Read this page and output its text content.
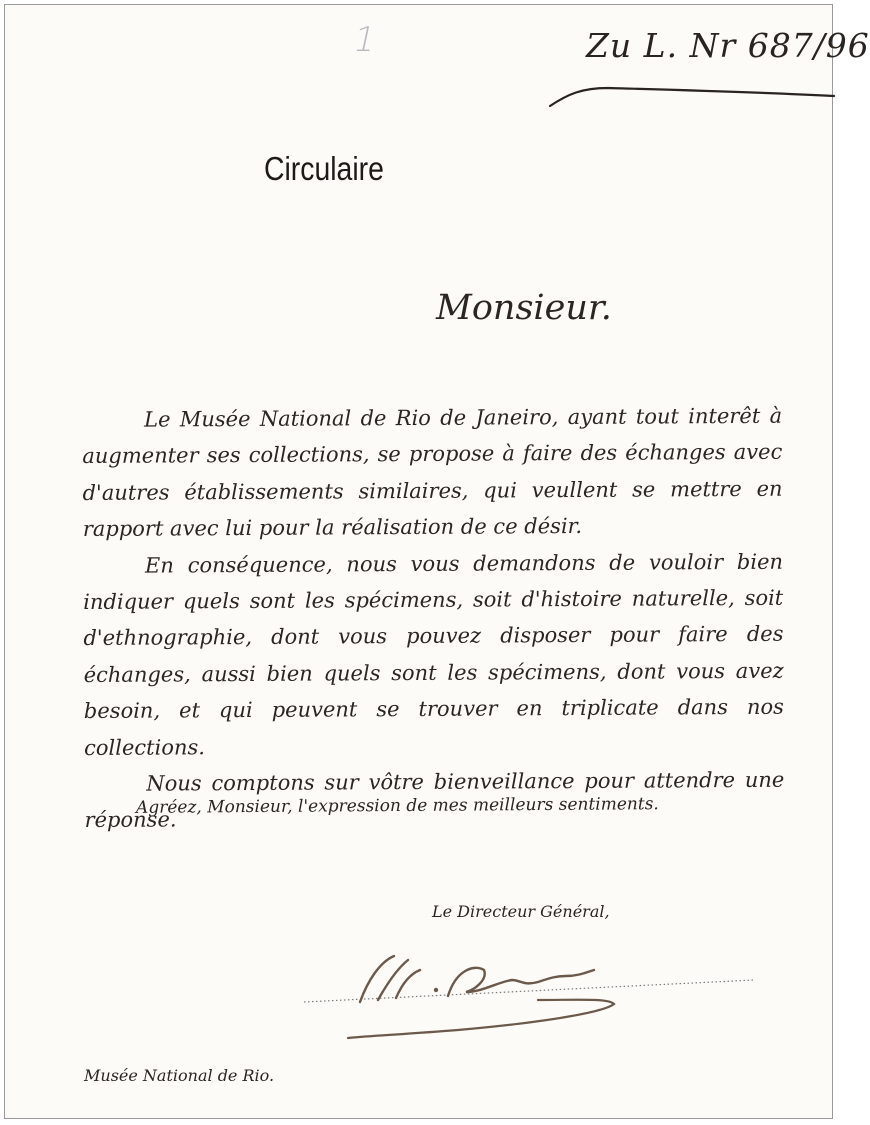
1	Zu L. Nr 687/96
Circulaire
Monsieur.

Le Musée National de Rio de Janeiro, ayant tout interêt à augmenter ses collections, se propose à faire des échanges avec d'autres établissements similaires, qui veullent se mettre en rapport avec lui pour la réalisation de ce désir.

En conséquence, nous vous demandons de vouloir bien indiquer quels sont les spécimens, soit d'histoire naturelle, soit d'ethnographie, dont vous pouvez disposer pour faire des échanges, aussi bien quels sont les spécimens, dont vous avez besoin, et qui peuvent se trouver en triplicate dans nos collections.

Nous comptons sur vôtre bienveillance pour attendre une réponse.

Agréez, Monsieur, l'expression de mes meilleurs sentiments.
Le Directeur Général,
Musée National de Rio.
